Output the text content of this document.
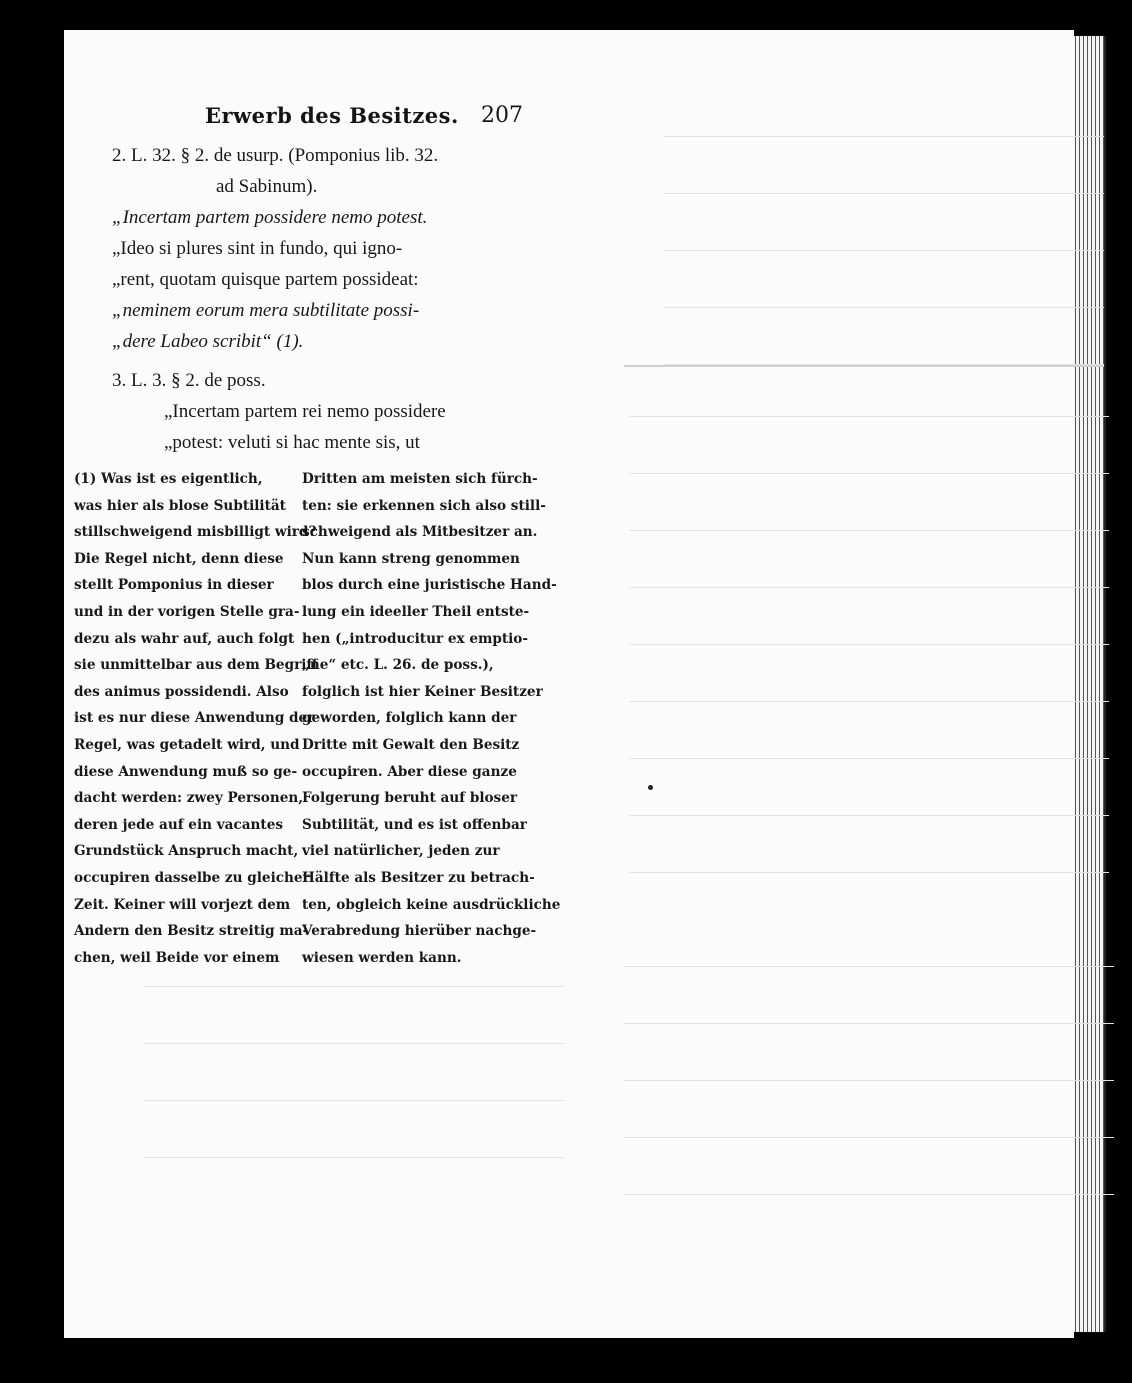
Erwerb des Besitzes. 207

2. L. 32. § 2. de usurp. (Pomponius lib. 32.

ad Sabinum).

„Incertam partem possidere nemo potest.

„Ideo si plures sint in fundo, qui igno-

„rent, quotam quisque partem possideat:

„neminem eorum mera subtilitate possi-

„dere Labeo scribit“ (1).

3. L. 3. § 2. de poss.

„Incertam partem rei nemo possidere

„potest: veluti si hac mente sis, ut

(1) Was ist es eigentlich,

was hier als blose Subtilität

stillschweigend misbilligt wird?

Die Regel nicht, denn diese

stellt Pomponius in dieser

und in der vorigen Stelle gra-

dezu als wahr auf, auch folgt

sie unmittelbar aus dem Begriff

des animus possidendi. Also

ist es nur diese Anwendung der

Regel, was getadelt wird, und

diese Anwendung muß so ge-

dacht werden: zwey Personen,

deren jede auf ein vacantes

Grundstück Anspruch macht,

occupiren dasselbe zu gleicher

Zeit. Keiner will vorjezt dem

Andern den Besitz streitig ma-

chen, weil Beide vor einem

Dritten am meisten sich fürch-

ten: sie erkennen sich also still-

schweigend als Mitbesitzer an.

Nun kann streng genommen

blos durch eine juristische Hand-

lung ein ideeller Theil entste-

hen („introducitur ex emptio-

„ne“ etc. L. 26. de poss.),

folglich ist hier Keiner Besitzer

geworden, folglich kann der

Dritte mit Gewalt den Besitz

occupiren. Aber diese ganze

Folgerung beruht auf bloser

Subtilität, und es ist offenbar

viel natürlicher, jeden zur

Hälfte als Besitzer zu betrach-

ten, obgleich keine ausdrückliche

Verabredung hierüber nachge-

wiesen werden kann.
